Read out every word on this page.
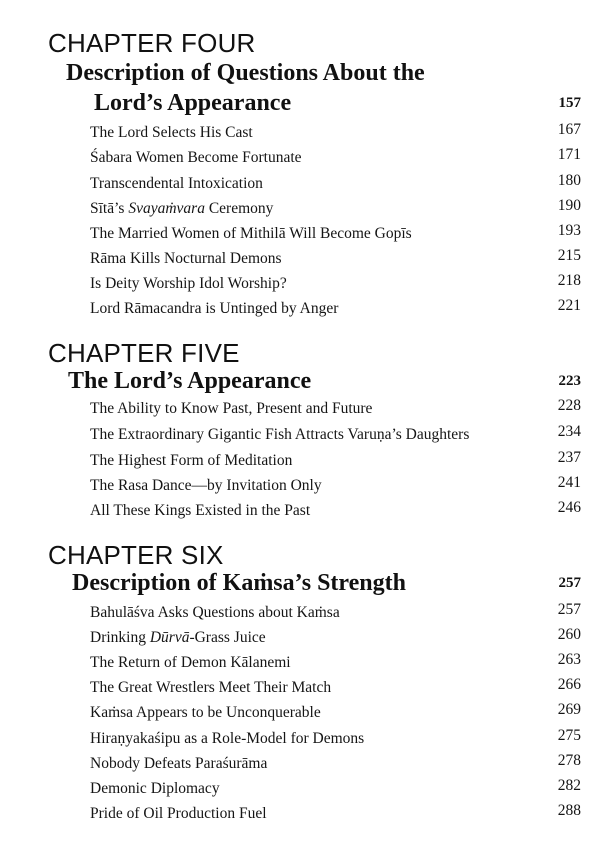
CHAPTER FOUR
Description of Questions About the
Lord’s Appearance	157
The Lord Selects His Cast	167
Śabara Women Become Fortunate	171
Transcendental Intoxication	180
Sītā’s Svayaṁvara Ceremony	190
The Married Women of Mithilā Will Become Gopīs	193
Rāma Kills Nocturnal Demons	215
Is Deity Worship Idol Worship?	218
Lord Rāmacandra is Untinged by Anger	221
CHAPTER FIVE
The Lord’s Appearance	223
The Ability to Know Past, Present and Future	228
The Extraordinary Gigantic Fish Attracts Varuṇa’s Daughters	234
The Highest Form of Meditation	237
The Rasa Dance—by Invitation Only	241
All These Kings Existed in the Past	246
CHAPTER SIX
Description of Kaṁsa’s Strength	257
Bahulāśva Asks Questions about Kaṁsa	257
Drinking Dūrvā-Grass Juice	260
The Return of Demon Kālanemi	263
The Great Wrestlers Meet Their Match	266
Kaṁsa Appears to be Unconquerable	269
Hiraṇyakaśipu as a Role-Model for Demons	275
Nobody Defeats Paraśurāma	278
Demonic Diplomacy	282
Pride of Oil Production Fuel	288
